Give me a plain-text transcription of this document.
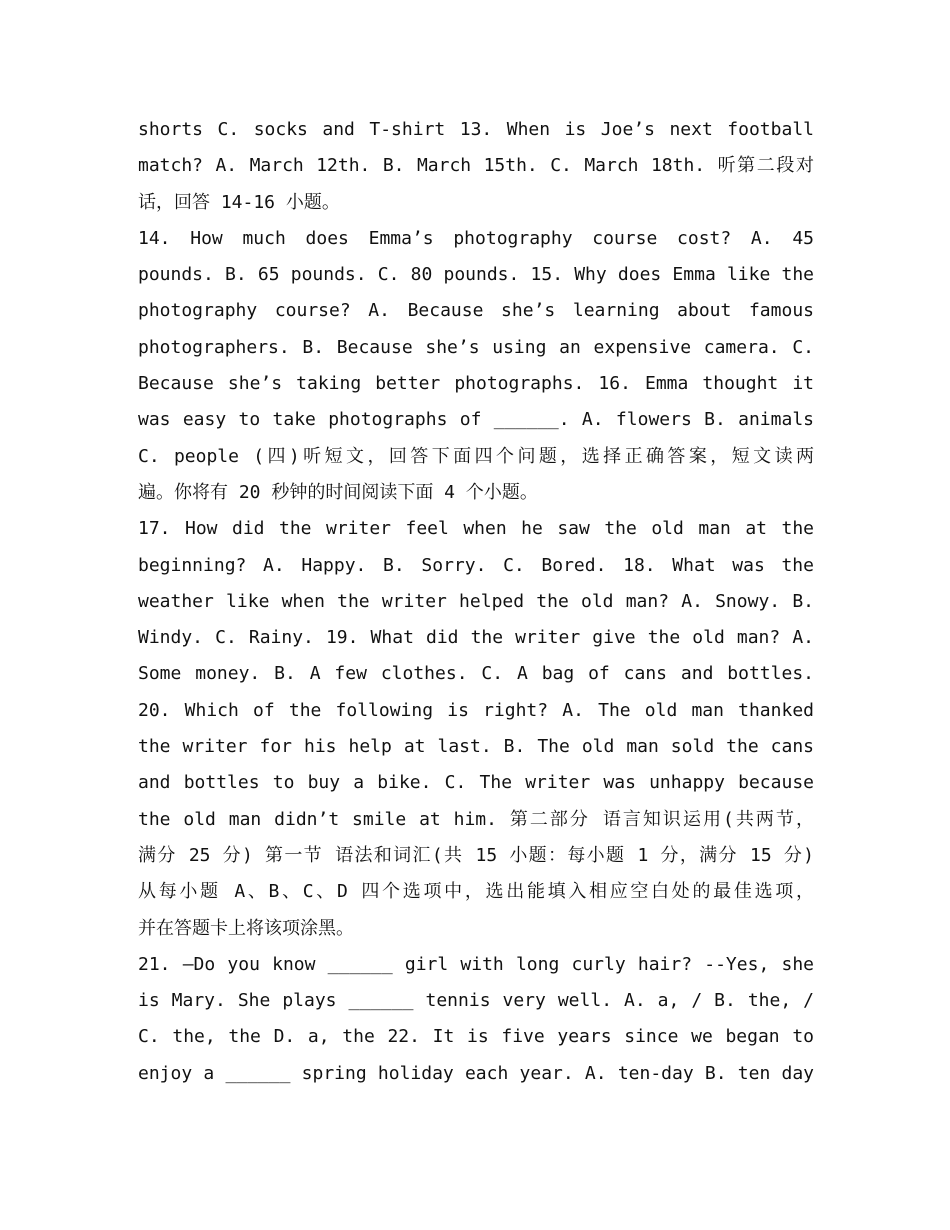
shorts C. socks and T-shirt 13. When is Joe’s next football
match? A. March 12th. B. March 15th. C. March 18th. 听第二段对
话，回答 14-16 小题。
14. How much does Emma’s photography course cost? A. 45
pounds. B. 65 pounds. C. 80 pounds. 15. Why does Emma like the
photography course? A. Because she’s learning about famous
photographers. B. Because she’s using an expensive camera. C.
Because she’s taking better photographs. 16. Emma thought it
was easy to take photographs of ______. A. flowers B. animals
C. people (四)听短文，回答下面四个问题，选择正确答案，短文读两
遍。你将有 20 秒钟的时间阅读下面 4 个小题。
17. How did the writer feel when he saw the old man at the
beginning? A. Happy. B. Sorry. C. Bored. 18. What was the
weather like when the writer helped the old man? A. Snowy. B.
Windy. C. Rainy. 19. What did the writer give the old man? A.
Some money. B. A few clothes. C. A bag of cans and bottles.
20. Which of the following is right? A. The old man thanked
the writer for his help at last. B. The old man sold the cans
and bottles to buy a bike. C. The writer was unhappy because
the old man didn’t smile at him. 第二部分 语言知识运用(共两节，
满分 25 分) 第一节 语法和词汇(共 15 小题：每小题 1 分，满分 15 分)
从每小题 A、B、C、D 四个选项中，选出能填入相应空白处的最佳选项，
并在答题卡上将该项涂黑。
21. –Do you know ______ girl with long curly hair? --Yes, she
is Mary. She plays ______ tennis very well. A. a, / B. the, /
C. the, the D. a, the 22. It is five years since we began to
enjoy a ______ spring holiday each year. A. ten-day B. ten day
